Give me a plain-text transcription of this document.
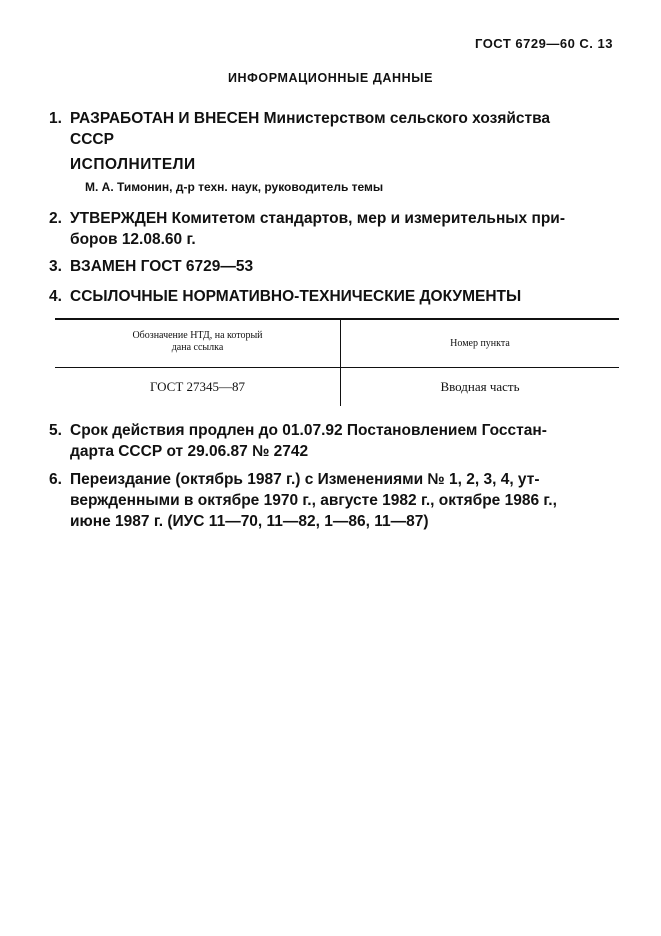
ГОСТ 6729—60 С. 13
ИНФОРМАЦИОННЫЕ ДАННЫЕ
1. РАЗРАБОТАН И ВНЕСЕН Министерством сельского хозяйства
СССР
ИСПОЛНИТЕЛИ
М. А. Тимонин, д-р техн. наук, руководитель темы
2. УТВЕРЖДЕН Комитетом стандартов, мер и измерительных при-
боров 12.08.60 г.
3. ВЗАМЕН ГОСТ 6729—53
4. ССЫЛОЧНЫЕ НОРМАТИВНО-ТЕХНИЧЕСКИЕ ДОКУМЕНТЫ
Обозначение НТД, на который
дана ссылка	Номер пункта
ГОСТ 27345—87	Вводная часть
5. Срок действия продлен до 01.07.92 Постановлением Госстан-
дарта СССР от 29.06.87 № 2742
6. Переиздание (октябрь 1987 г.) с Изменениями № 1, 2, 3, 4, ут-
вержденными в октябре 1970 г., августе 1982 г., октябре 1986 г.,
июне 1987 г. (ИУС 11—70, 11—82, 1—86, 11—87)
